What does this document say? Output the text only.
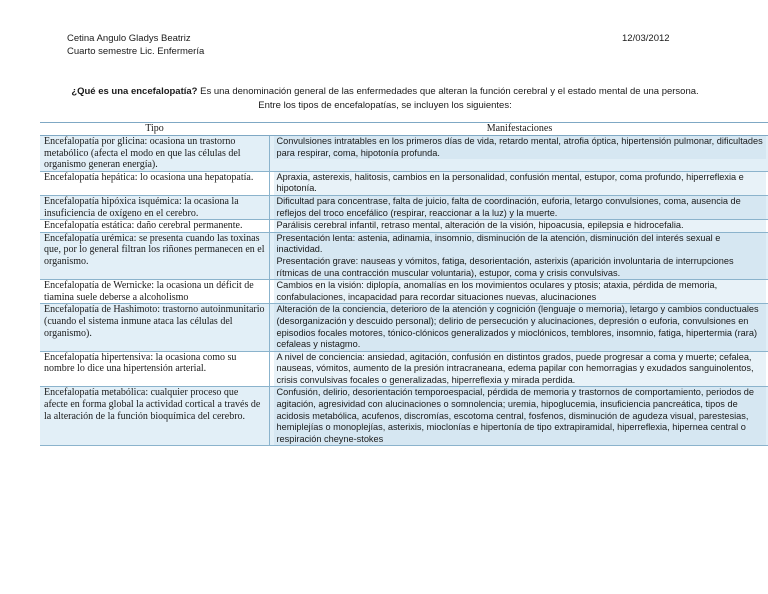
Cetina Angulo Gladys Beatriz
Cuarto semestre Lic. Enfermería
12/03/2012
¿Qué es una encefalopatía? Es una denominación general de las enfermedades que alteran la función cerebral y el estado mental de una persona. Entre los tipos de encefalopatías, se incluyen los siguientes:
Tipo	Manifestaciones
Encefalopatía por glicina: ocasiona un trastorno metabólico (afecta el modo en que las células del organismo generan energía).	Convulsiones intratables en los primeros días de vida, retardo mental, atrofia óptica, hipertensión pulmonar, dificultades para respirar, coma, hipotonía profunda.

Encefalopatía hepática: lo ocasiona una hepatopatía.	Apraxia, asterexis, halitosis, cambios en la personalidad, confusión mental, estupor, coma profundo, hiperreflexia e hipotonía.

Encefalopatía hipóxica isquémica: la ocasiona la insuficiencia de oxígeno en el cerebro.	Dificultad para concentrase, falta de juicio, falta de coordinación, euforia, letargo convulsiones, coma, ausencia de reflejos del troco encefálico (respirar, reaccionar a la luz) y la muerte.

Encefalopatía estática: daño cerebral permanente.	Parálisis cerebral infantil, retraso mental, alteración de la visión, hipoacusia, epilepsia e hidrocefalia.

Encefalopatía urémica: se presenta cuando las toxinas que, por lo general filtran los riñones permanecen en el organismo.	Presentación lenta: astenia, adinamia, insomnio, disminución de la atención, disminución del interés sexual e inactividad.
Presentación grave: nauseas y vómitos, fatiga, desorientación, asterixis (aparición involuntaria de interrupciones rítmicas de una contracción muscular voluntaria), estupor, coma y crisis convulsivas.

Encefalopatía de Wernicke: la ocasiona un déficit de tiamina suele deberse a alcoholismo	Cambios en la visión: diplopía, anomalías en los movimientos oculares y ptosis; ataxia, pérdida de memoria, confabulaciones, incapacidad para recordar situaciones nuevas, alucinaciones

Encefalopatía de Hashimoto: trastorno autoinmunitario (cuando el sistema inmune ataca las células del organismo).	Alteración de la conciencia, deterioro de la atención y cognición (lenguaje o memoria), letargo y cambios conductuales (desorganización y descuido personal); delirio de persecución y alucinaciones, depresión o euforia, convulsiones en episodios focales motores, tónico-clónicos generalizados y mioclónicos, temblores, insomnio, fatiga, hipertermia (rara) cefaleas y nistagmo.

Encefalopatía hipertensiva: la ocasiona como su nombre lo dice una hipertensión arterial.	A nivel de conciencia: ansiedad, agitación, confusión en distintos grados, puede progresar a coma y muerte; cefalea, nauseas, vómitos, aumento de la presión intracraneana, edema papilar con hemorragias y exudados sanguinolentos, crisis convulsivas focales o generalizadas, hiperreflexia y mirada perdida.

Encefalopatía metabólica: cualquier proceso que afecte en forma global la actividad cortical a través de la alteración de la función bioquímica del cerebro.	Confusión, delirio, desorientación temporoespacial, pérdida de memoria y trastornos de comportamiento, periodos de agitación, agresividad con alucinaciones o somnolencia; uremia, hipoglucemia, insuficiencia pancreática, tipos de acidosis metabólica, acufenos, discromías, escotoma central, fosfenos, disminución de agudeza visual, parestesias, hemiplejías o monoplejías, asterixis, mioclonías e hipertonía de tipo extrapiramidal, hiperreflexia, hipernea central o respiración cheyne-stokes
